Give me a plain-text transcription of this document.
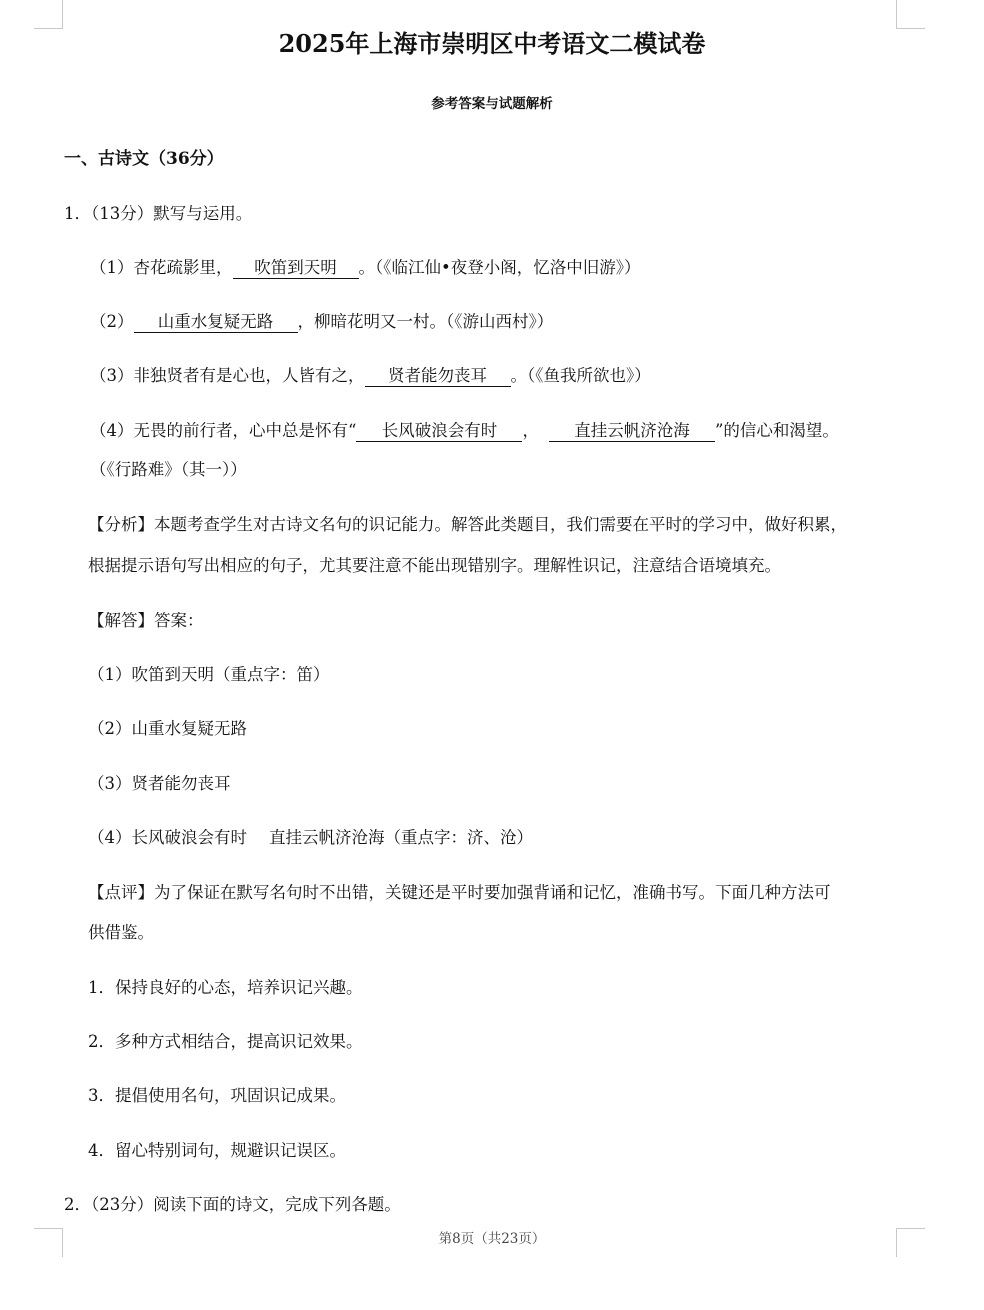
2025年上海市崇明区中考语文二模试卷
参考答案与试题解析
一、古诗文（36分）
1．（13分）默写与运用。
（1）杏花疏影里， 吹笛到天明 。（《临江仙•夜登小阁，忆洛中旧游》）
（2） 山重水复疑无路 ，柳暗花明又一村。（《游山西村》）
（3）非独贤者有是心也，人皆有之， 贤者能勿丧耳 。（《鱼我所欲也》）
（4）无畏的前行者，心中总是怀有“ 长风破浪会有时 ， 直挂云帆济沧海 ”的信心和渴望。
（《行路难》（其一））
【分析】本题考查学生对古诗文名句的识记能力。解答此类题目，我们需要在平时的学习中，做好积累，
根据提示语句写出相应的句子，尤其要注意不能出现错别字。理解性识记，注意结合语境填充。
【解答】答案：
（1）吹笛到天明（重点字：笛）
（2）山重水复疑无路
（3）贤者能勿丧耳
（4）长风破浪会有时 直挂云帆济沧海（重点字：济、沧）
【点评】为了保证在默写名句时不出错，关键还是平时要加强背诵和记忆，准确书写。下面几种方法可
供借鉴。
1．保持良好的心态，培养识记兴趣。
2．多种方式相结合，提高识记效果。
3．提倡使用名句，巩固识记成果。
4．留心特别词句，规避识记误区。
2．（23分）阅读下面的诗文，完成下列各题。
第8页（共23页）
